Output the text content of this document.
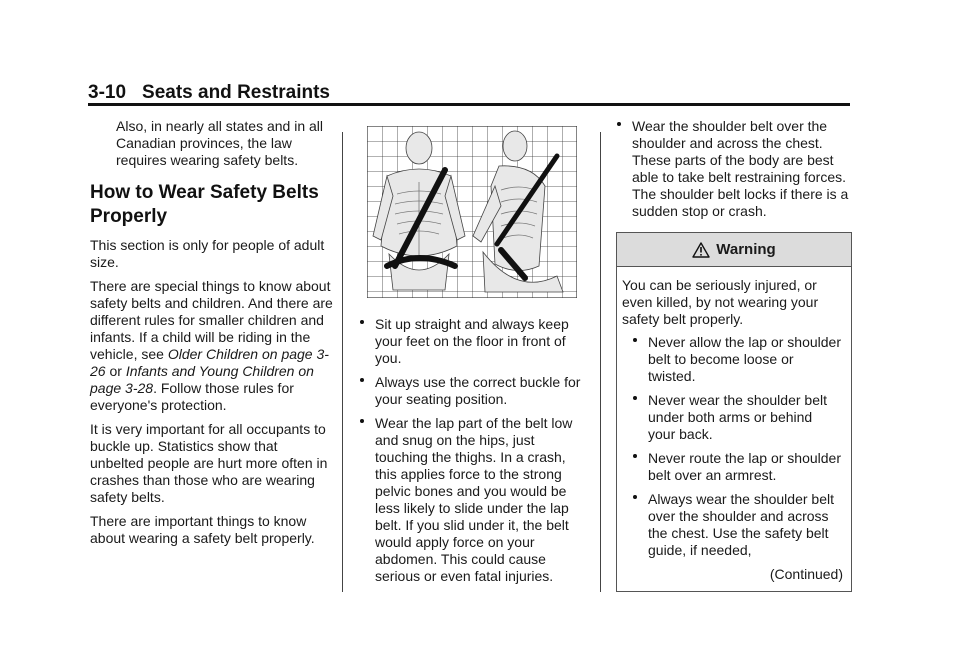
3-10 Seats and Restraints

Also, in nearly all states and in all Canadian provinces, the law requires wearing safety belts.

How to Wear Safety Belts Properly

This section is only for people of adult size.

There are special things to know about safety belts and children. And there are different rules for smaller children and infants. If a child will be riding in the vehicle, see Older Children on page 3-26 or Infants and Young Children on page 3-28. Follow those rules for everyone's protection.

It is very important for all occupants to buckle up. Statistics show that unbelted people are hurt more often in crashes than those who are wearing safety belts.

There are important things to know about wearing a safety belt properly.

Sit up straight and always keep your feet on the floor in front of you.
Always use the correct buckle for your seating position.
Wear the lap part of the belt low and snug on the hips, just touching the thighs. In a crash, this applies force to the strong pelvic bones and you would be less likely to slide under the lap belt. If you slid under it, the belt would apply force on your abdomen. This could cause serious or even fatal injuries.
Wear the shoulder belt over the shoulder and across the chest. These parts of the body are best able to take belt restraining forces. The shoulder belt locks if there is a sudden stop or crash.
Warning

You can be seriously injured, or even killed, by not wearing your safety belt properly.

Never allow the lap or shoulder belt to become loose or twisted.
Never wear the shoulder belt under both arms or behind your back.
Never route the lap or shoulder belt over an armrest.
Always wear the shoulder belt over the shoulder and across the chest. Use the safety belt guide, if needed,

(Continued)
